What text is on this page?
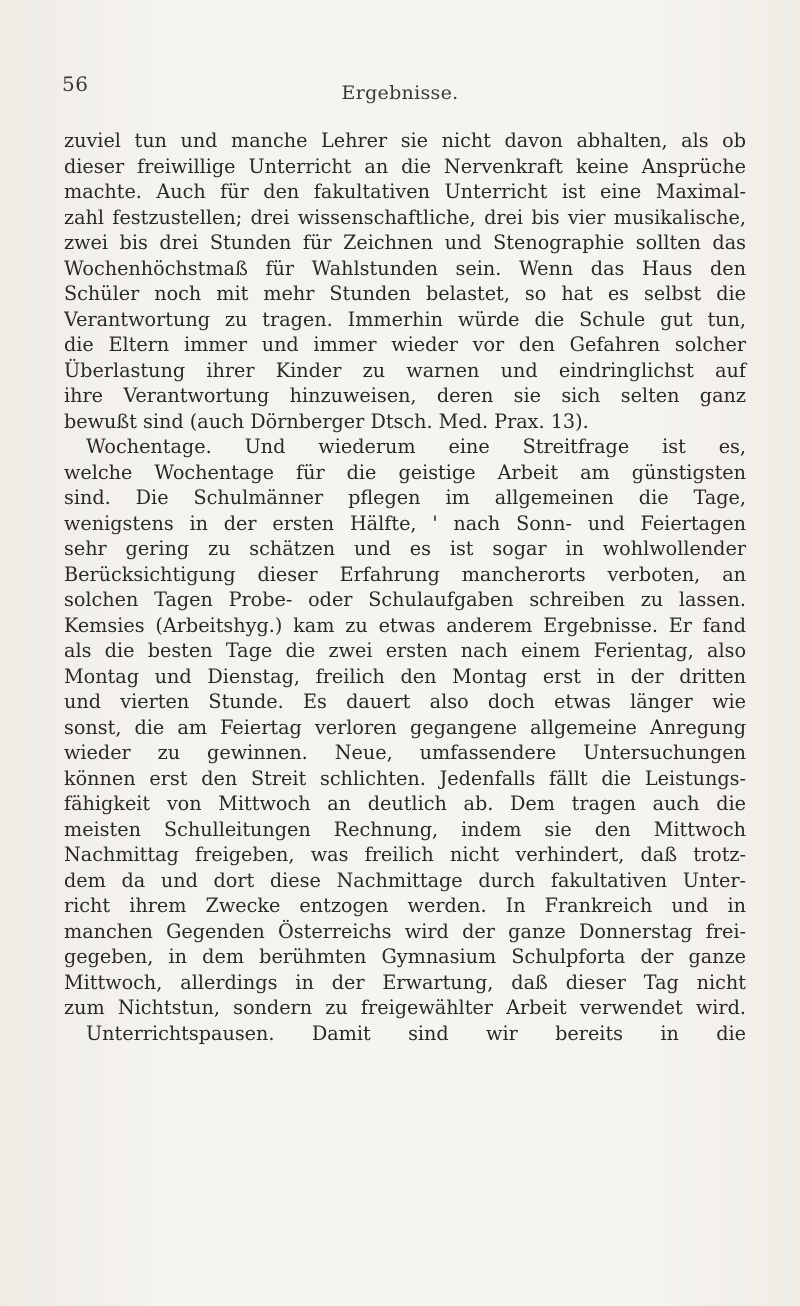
56	Ergebnisse.
zuviel tun und manche Lehrer sie nicht davon abhalten, als ob
dieser freiwillige Unterricht an die Nervenkraft keine Ansprüche
machte. Auch für den fakultativen Unterricht ist eine Maximal-
zahl festzustellen; drei wissenschaftliche, drei bis vier musikalische,
zwei bis drei Stunden für Zeichnen und Stenographie sollten das
Wochenhöchstmaß für Wahlstunden sein. Wenn das Haus den
Schüler noch mit mehr Stunden belastet, so hat es selbst die
Verantwortung zu tragen. Immerhin würde die Schule gut tun,
die Eltern immer und immer wieder vor den Gefahren solcher
Überlastung ihrer Kinder zu warnen und eindringlichst auf
ihre Verantwortung hinzuweisen, deren sie sich selten ganz
bewußt sind (auch Dörnberger Dtsch. Med. Prax. 13).
Wochentage. Und wiederum eine Streitfrage ist es,
welche Wochentage für die geistige Arbeit am günstigsten
sind. Die Schulmänner pflegen im allgemeinen die Tage,
wenigstens in der ersten Hälfte, ' nach Sonn- und Feiertagen
sehr gering zu schätzen und es ist sogar in wohlwollender
Berücksichtigung dieser Erfahrung mancherorts verboten, an
solchen Tagen Probe- oder Schulaufgaben schreiben zu lassen.
Kemsies (Arbeitshyg.) kam zu etwas anderem Ergebnisse. Er fand
als die besten Tage die zwei ersten nach einem Ferientag, also
Montag und Dienstag, freilich den Montag erst in der dritten
und vierten Stunde. Es dauert also doch etwas länger wie
sonst, die am Feiertag verloren gegangene allgemeine Anregung
wieder zu gewinnen. Neue, umfassendere Untersuchungen
können erst den Streit schlichten. Jedenfalls fällt die Leistungs-
fähigkeit von Mittwoch an deutlich ab. Dem tragen auch die
meisten Schulleitungen Rechnung, indem sie den Mittwoch
Nachmittag freigeben, was freilich nicht verhindert, daß trotz-
dem da und dort diese Nachmittage durch fakultativen Unter-
richt ihrem Zwecke entzogen werden. In Frankreich und in
manchen Gegenden Österreichs wird der ganze Donnerstag frei-
gegeben, in dem berühmten Gymnasium Schulpforta der ganze
Mittwoch, allerdings in der Erwartung, daß dieser Tag nicht
zum Nichtstun, sondern zu freigewählter Arbeit verwendet wird.
Unterrichtspausen. Damit sind wir bereits in die
